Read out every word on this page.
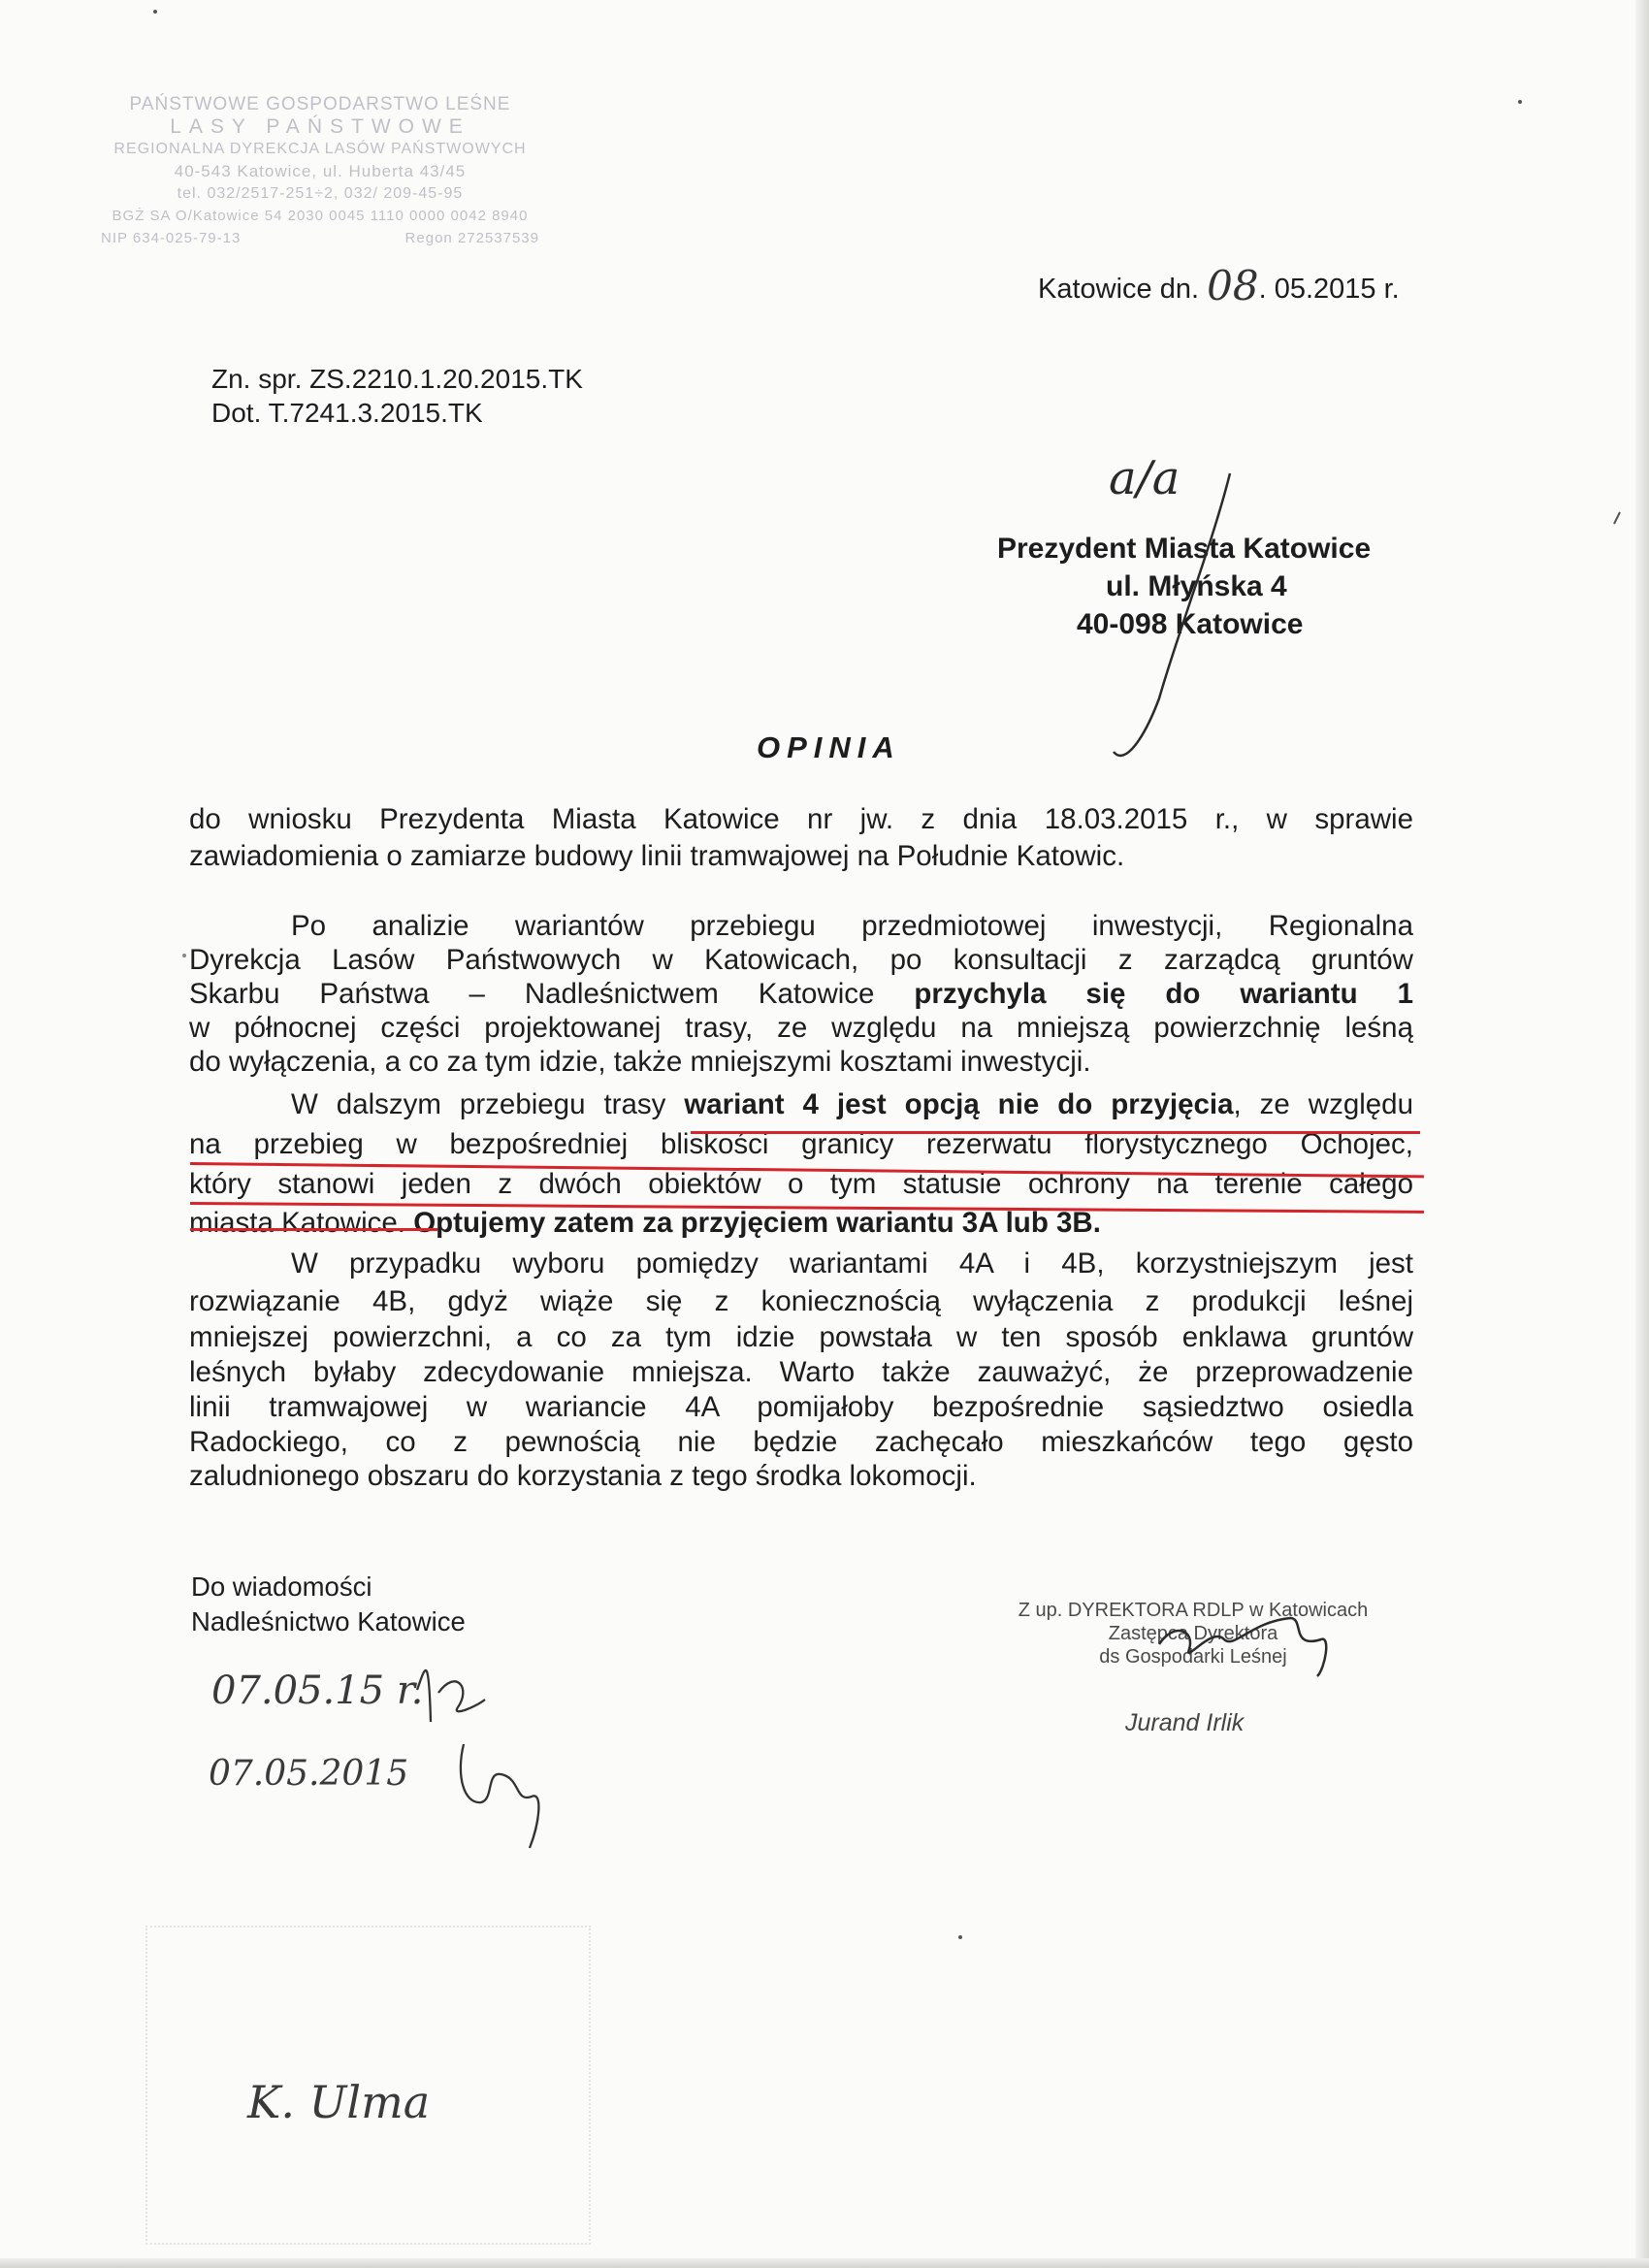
PAŃSTWOWE GOSPODARSTWO LEŚNE
LASY PAŃSTWOWE
REGIONALNA DYREKCJA LASÓW PAŃSTWOWYCH
40-543 Katowice, ul. Huberta 43/45
tel. 032/2517-251÷2, 032/ 209-45-95
BGŻ SA O/Katowice 54 2030 0045 1110 0000 0042 8940
NIP 634-025-79-13	Regon 272537539
Katowice dn. 08. 05.2015 r.
Zn. spr. ZS.2210.1.20.2015.TK
Dot. T.7241.3.2015.TK
a/a
Prezydent Miasta Katowice
ul. Młyńska 4
40-098 Katowice
OPINIA
do wniosku Prezydenta Miasta Katowice nr jw. z dnia 18.03.2015 r., w sprawie
zawiadomienia o zamiarze budowy linii tramwajowej na Południe Katowic.
Po analizie wariantów przebiegu przedmiotowej inwestycji, Regionalna
Dyrekcja Lasów Państwowych w Katowicach, po konsultacji z zarządcą gruntów
Skarbu Państwa – Nadleśnictwem Katowice przychyla się do wariantu 1
w północnej części projektowanej trasy, ze względu na mniejszą powierzchnię leśną
do wyłączenia, a co za tym idzie, także mniejszymi kosztami inwestycji.
W dalszym przebiegu trasy wariant 4 jest opcją nie do przyjęcia, ze względu
na przebieg w bezpośredniej bliskości granicy rezerwatu florystycznego Ochojec,
który stanowi jeden z dwóch obiektów o tym statusie ochrony na terenie całego
miasta Katowice. Optujemy zatem za przyjęciem wariantu 3A lub 3B.
W przypadku wyboru pomiędzy wariantami 4A i 4B, korzystniejszym jest
rozwiązanie 4B, gdyż wiąże się z koniecznością wyłączenia z produkcji leśnej
mniejszej powierzchni, a co za tym idzie powstała w ten sposób enklawa gruntów
leśnych byłaby zdecydowanie mniejsza. Warto także zauważyć, że przeprowadzenie
linii tramwajowej w wariancie 4A pomijałoby bezpośrednie sąsiedztwo osiedla
Radockiego, co z pewnością nie będzie zachęcało mieszkańców tego gęsto
zaludnionego obszaru do korzystania z tego środka lokomocji.
Do wiadomości
Nadleśnictwo Katowice	Z up. DYREKTORA RDLP w Katowicach
Zastępca Dyrektora
ds Gospodarki Leśnej
Jurand Irlik
07.05.15 r.
07.05.2015
K. Ulma
